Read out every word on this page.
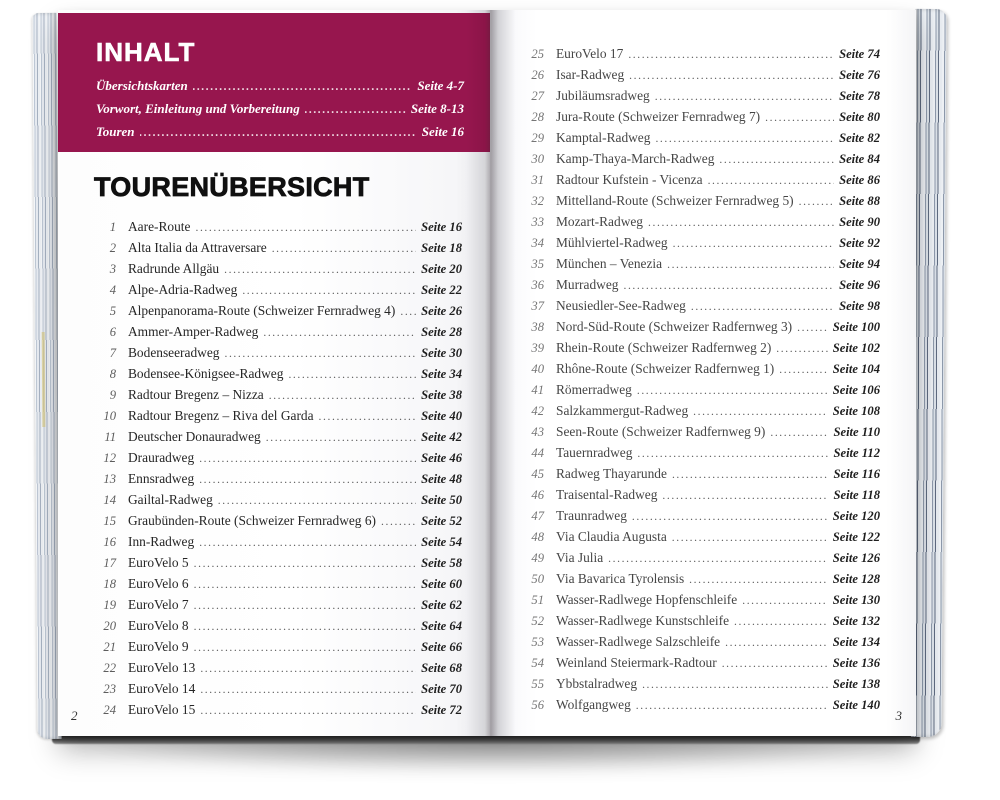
INHALT
Übersichtskarten .....	Seite 4-7
Vorwort, Einleitung und Vorbereitung .....	Seite 8-13
Touren .....	Seite 16
TOURENÜBERSICHT
1 Aare-Route .....	Seite 16
2 Alta Italia da Attraversare .....	Seite 18
3 Radrunde Allgäu .....	Seite 20
4 Alpe-Adria-Radweg .....	Seite 22
5 Alpenpanorama-Route (Schweizer Fernradweg 4) ..... Seite 26
6 Ammer-Amper-Radweg .....	Seite 28
7 Bodenseeradweg .....	Seite 30
8 Bodensee-Königsee-Radweg .....	Seite 34
9 Radtour Bregenz – Nizza .....	Seite 38
10 Radtour Bregenz – Riva del Garda .....	Seite 40
11 Deutscher Donauradweg .....	Seite 42
12 Drauradweg .....	Seite 46
13 Ennsradweg .....	Seite 48
14 Gailtal-Radweg .....	Seite 50
15 Graubünden-Route (Schweizer Fernradweg 6) .....	Seite 52
16 Inn-Radweg .....	Seite 54
17 EuroVelo 5 .....	Seite 58
18 EuroVelo 6 .....	Seite 60
19 EuroVelo 7 .....	Seite 62
20 EuroVelo 8 .....	Seite 64
21 EuroVelo 9 .....	Seite 66
22 EuroVelo 13 .....	Seite 68
23 EuroVelo 14 .....	Seite 70
24 EuroVelo 15 .....	Seite 72
2
25 EuroVelo 17 .....	Seite 74
26 Isar-Radweg .....	Seite 76
27 Jubiläumsradweg .....	Seite 78
28 Jura-Route (Schweizer Fernradweg 7) .....	Seite 80
29 Kamptal-Radweg .....	Seite 82
30 Kamp-Thaya-March-Radweg .....	Seite 84
31 Radtour Kufstein - Vicenza .....	Seite 86
32 Mittelland-Route (Schweizer Fernradweg 5) .....	Seite 88
33 Mozart-Radweg .....	Seite 90
34 Mühlviertel-Radweg .....	Seite 92
35 München – Venezia .....	Seite 94
36 Murradweg .....	Seite 96
37 Neusiedler-See-Radweg .....	Seite 98
38 Nord-Süd-Route (Schweizer Radfernweg 3) .....	Seite 100
39 Rhein-Route (Schweizer Radfernweg 2) .....	Seite 102
40 Rhône-Route (Schweizer Radfernweg 1) .....	Seite 104
41 Römerradweg .....	Seite 106
42 Salzkammergut-Radweg .....	Seite 108
43 Seen-Route (Schweizer Radfernweg 9) .....	Seite 110
44 Tauernradweg .....	Seite 112
45 Radweg Thayarunde .....	Seite 116
46 Traisental-Radweg .....	Seite 118
47 Traunradweg .....	Seite 120
48 Via Claudia Augusta .....	Seite 122
49 Via Julia .....	Seite 126
50 Via Bavarica Tyrolensis .....	Seite 128
51 Wasser-Radlwege Hopfenschleife .....	Seite 130
52 Wasser-Radlwege Kunstschleife .....	Seite 132
53 Wasser-Radlwege Salzschleife .....	Seite 134
54 Weinland Steiermark-Radtour .....	Seite 136
55 Ybbstalradweg .....	Seite 138
56 Wolfgangweg .....	Seite 140
3
